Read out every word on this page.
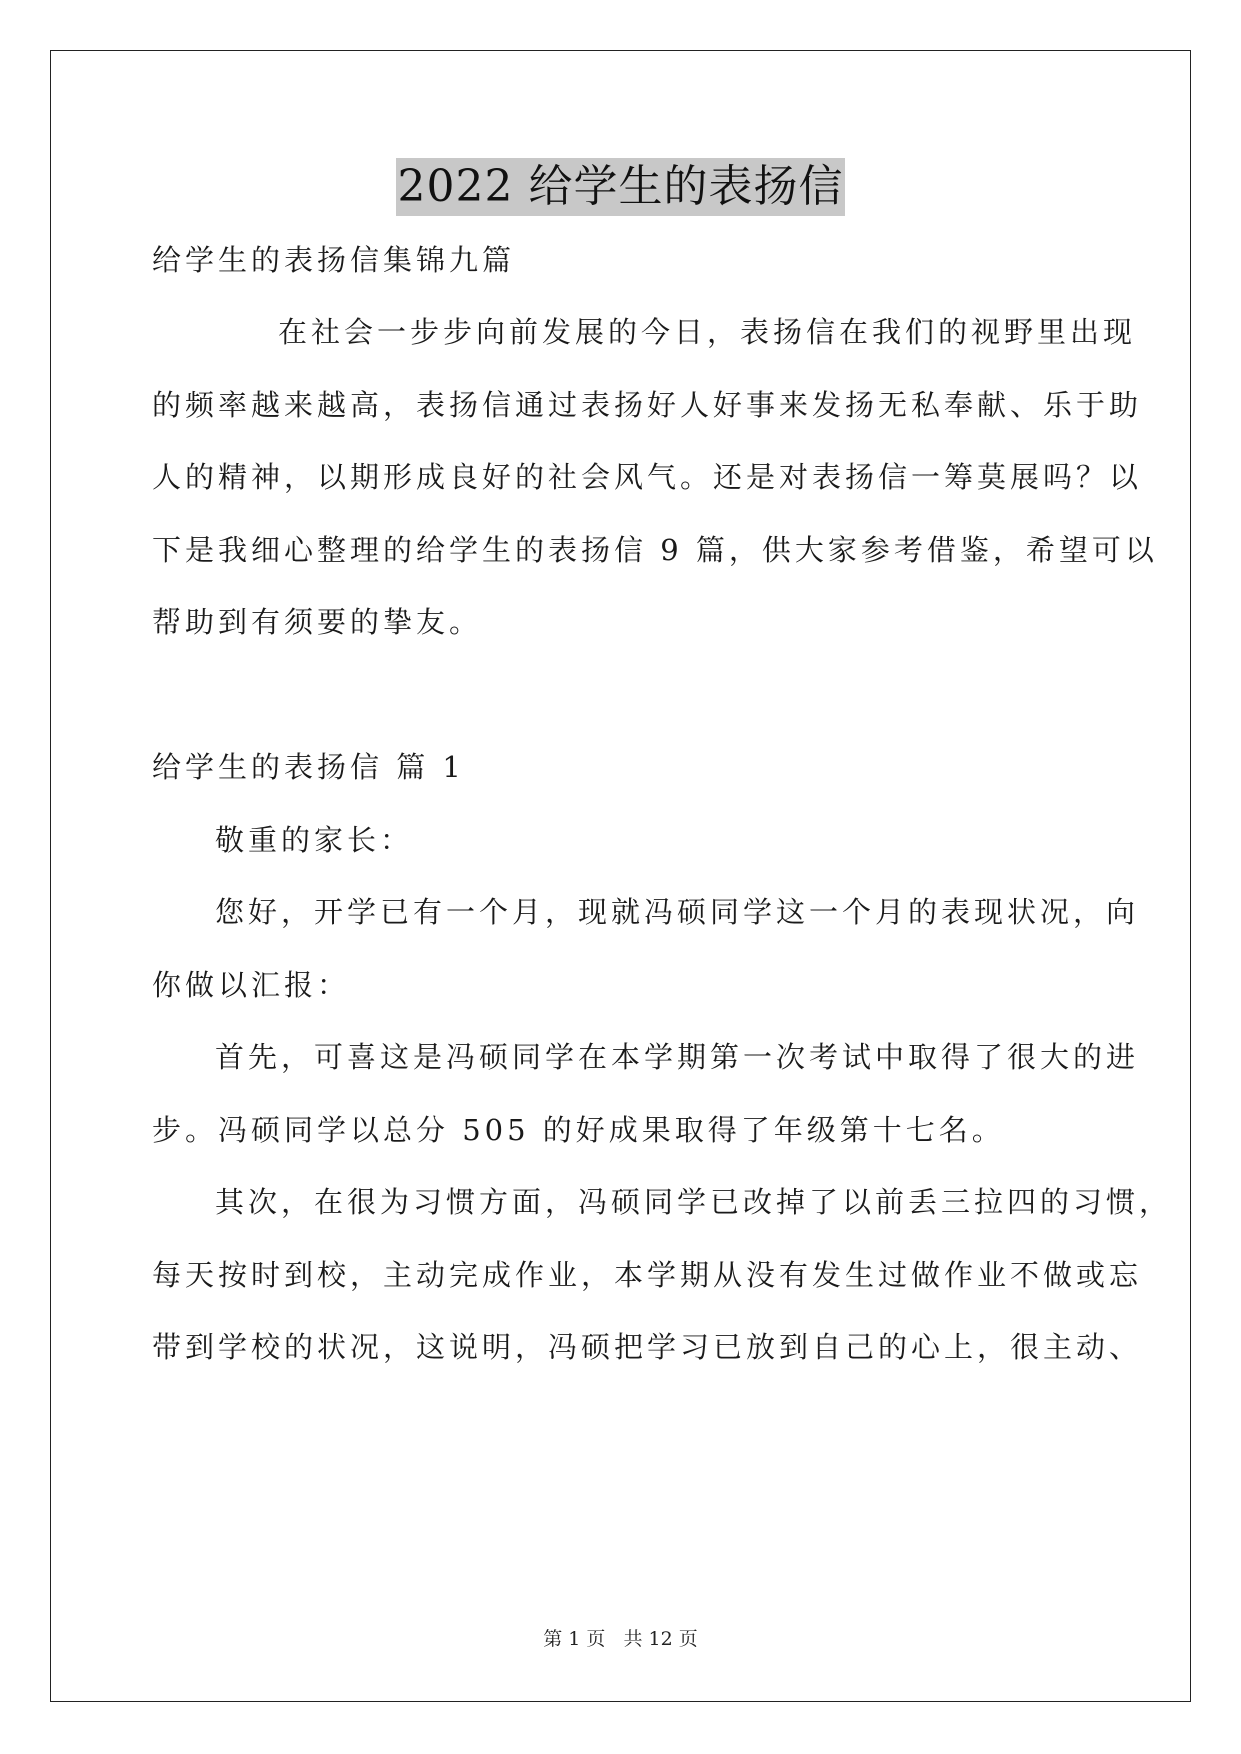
2022 给学生的表扬信
给学生的表扬信集锦九篇
在社会一步步向前发展的今日，表扬信在我们的视野里出现
的频率越来越高，表扬信通过表扬好人好事来发扬无私奉献、乐于助
人的精神，以期形成良好的社会风气。还是对表扬信一筹莫展吗？以
下是我细心整理的给学生的表扬信 9 篇，供大家参考借鉴，希望可以
帮助到有须要的挚友。
给学生的表扬信 篇 1
敬重的家长：
您好，开学已有一个月，现就冯硕同学这一个月的表现状况，向
你做以汇报：
首先，可喜这是冯硕同学在本学期第一次考试中取得了很大的进
步。冯硕同学以总分 505 的好成果取得了年级第十七名。
其次，在很为习惯方面，冯硕同学已改掉了以前丢三拉四的习惯，
每天按时到校，主动完成作业，本学期从没有发生过做作业不做或忘
带到学校的状况，这说明，冯硕把学习已放到自己的心上，很主动、
第 1 页 共 12 页
